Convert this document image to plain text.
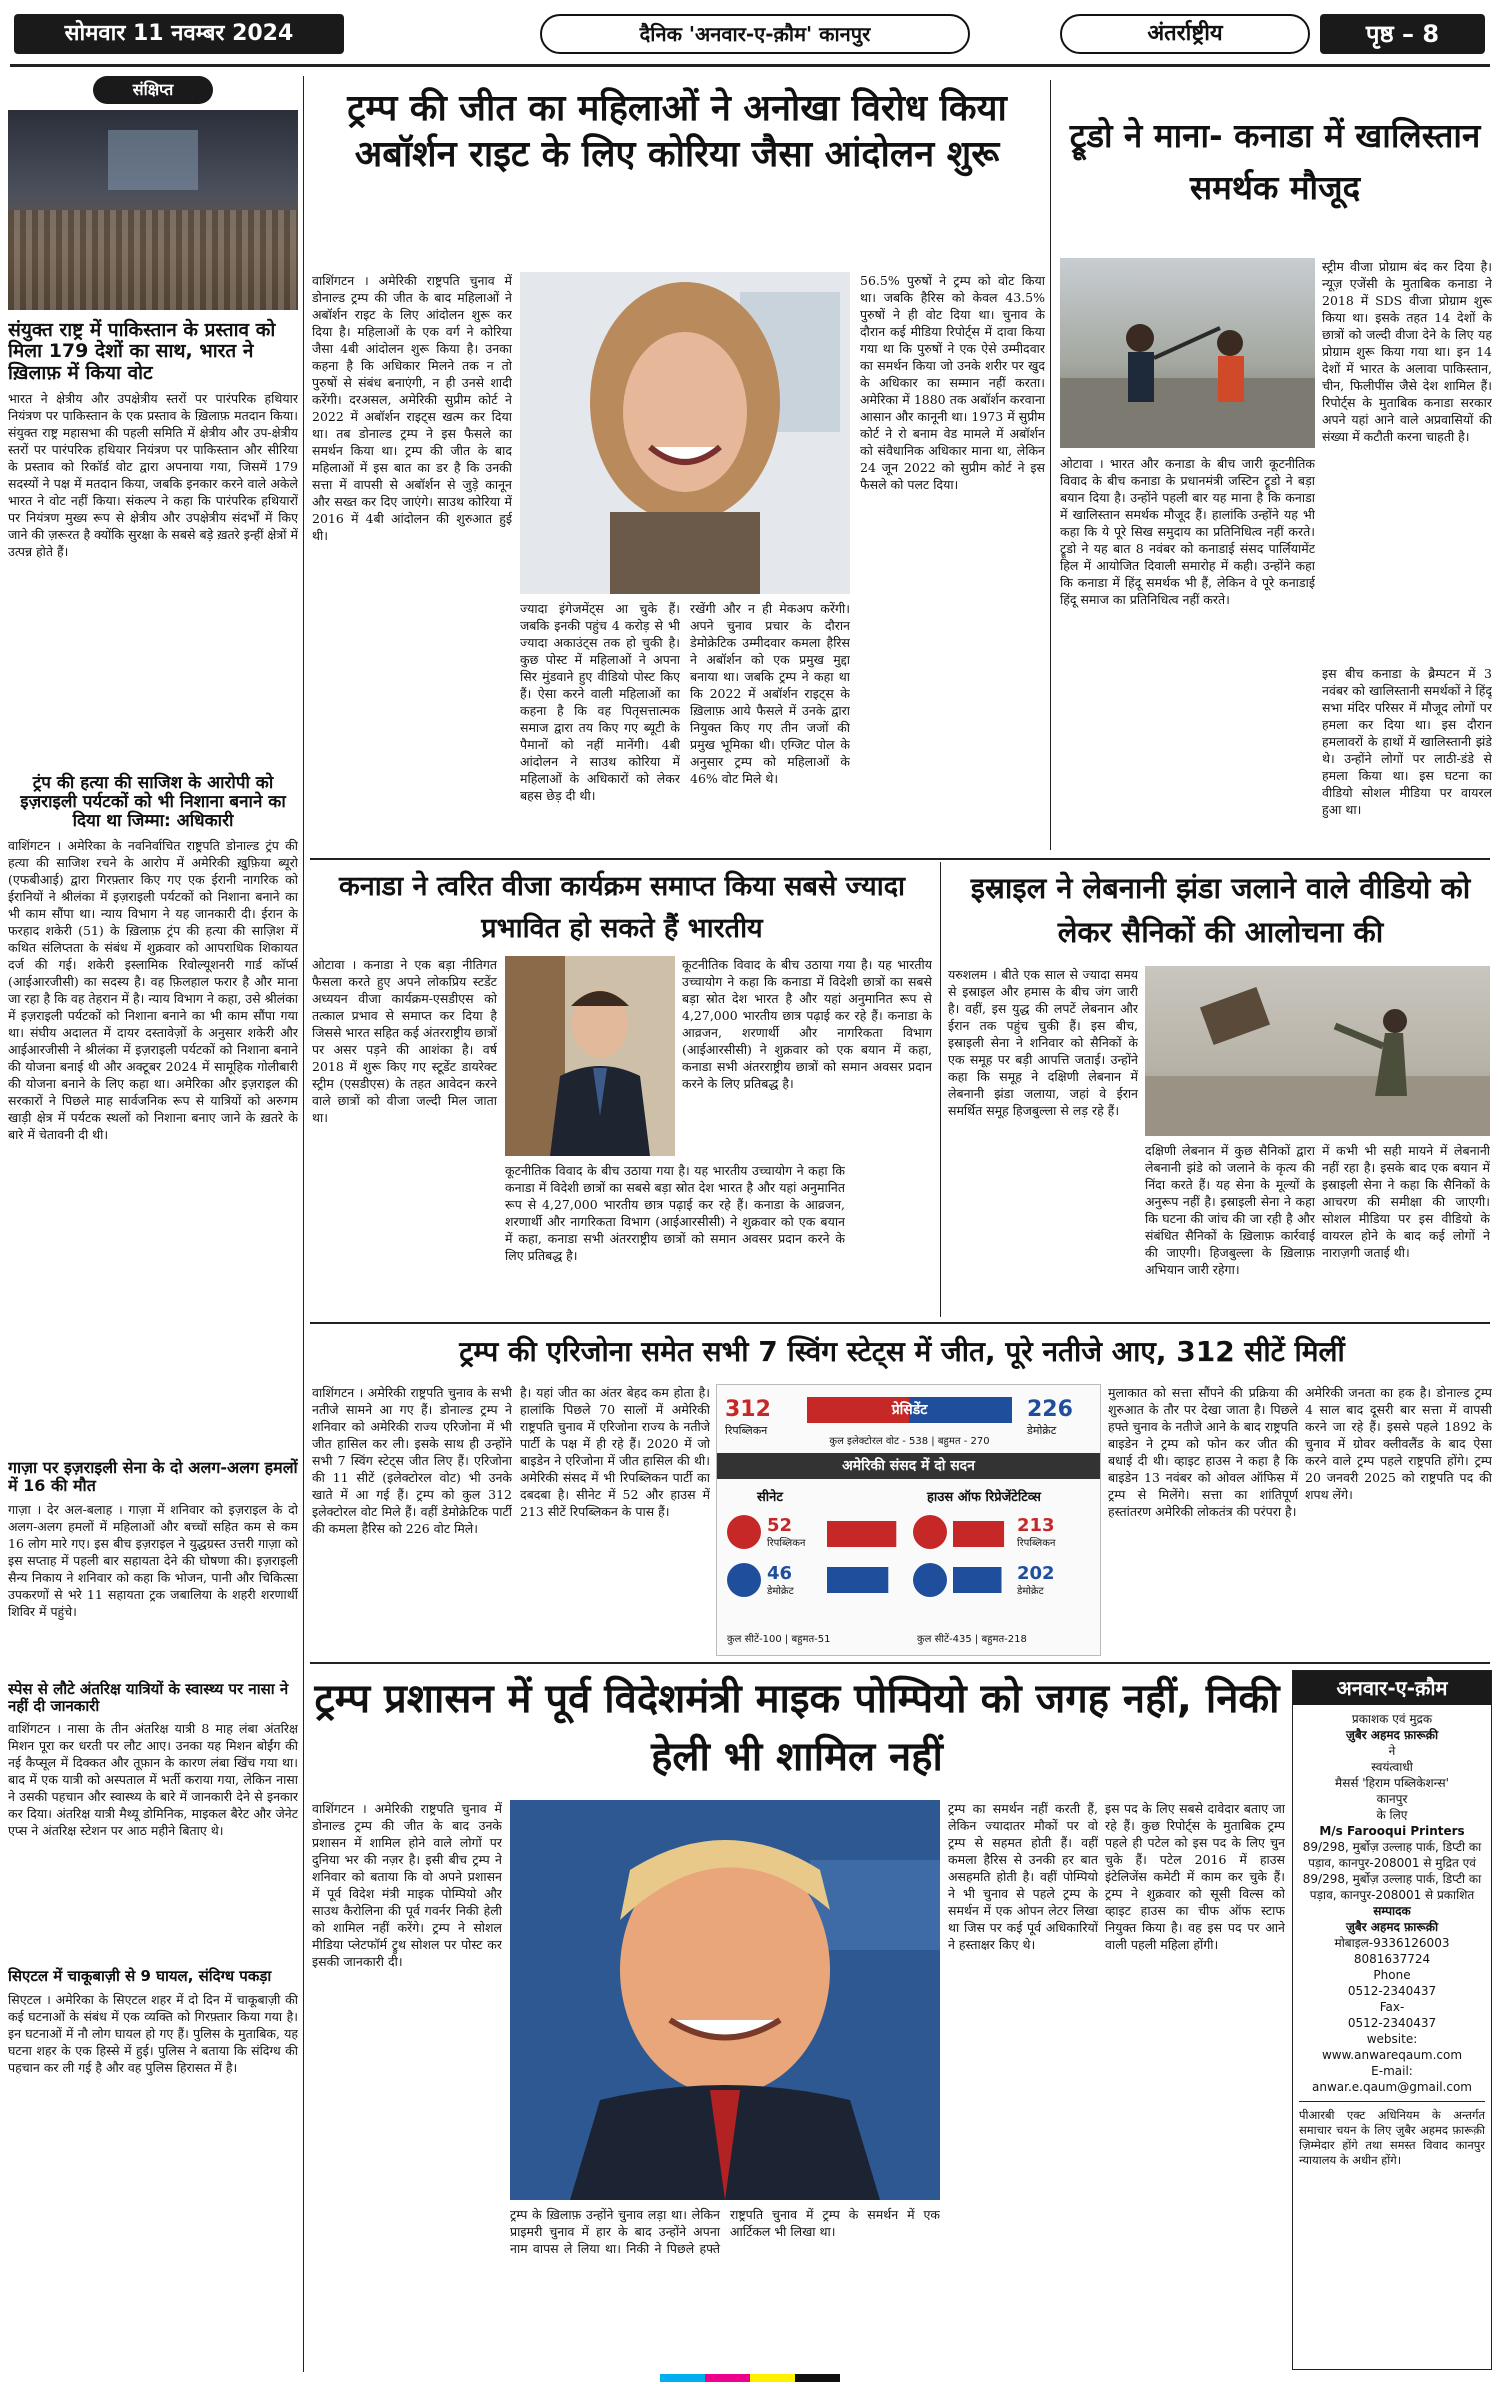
सोमवार 11 नवम्बर 2024	दैनिक 'अनवार-ए-क़ौम' कानपुर	अंतर्राष्ट्रीय	पृष्ठ – 8
संक्षिप्त
संयुक्त राष्ट्र में पाकिस्तान के प्रस्ताव को मिला 179 देशों का साथ, भारत ने ख़िलाफ़ में किया वोट
भारत ने क्षेत्रीय और उपक्षेत्रीय स्तरों पर पारंपरिक हथियार नियंत्रण पर पाकिस्तान के एक प्रस्ताव के ख़िलाफ़ मतदान किया। संयुक्त राष्ट्र महासभा की पहली समिति में क्षेत्रीय और उप-क्षेत्रीय स्तरों पर पारंपरिक हथियार नियंत्रण पर पाकिस्तान और सीरिया के प्रस्ताव को रिकॉर्ड वोट द्वारा अपनाया गया, जिसमें 179 सदस्यों ने पक्ष में मतदान किया, जबकि इनकार करने वाले अकेले भारत ने वोट नहीं किया। संकल्प ने कहा कि पारंपरिक हथियारों पर नियंत्रण मुख्य रूप से क्षेत्रीय और उपक्षेत्रीय संदर्भों में किए जाने की ज़रूरत है क्योंकि सुरक्षा के सबसे बड़े ख़तरे इन्हीं क्षेत्रों में उत्पन्न होते हैं।
ट्रंप की हत्या की साजिश के आरोपी को इज़राइली पर्यटकों को भी निशाना बनाने का दिया था जिम्मा: अधिकारी
वाशिंगटन । अमेरिका के नवनिर्वाचित राष्ट्रपति डोनाल्ड ट्रंप की हत्या की साजिश रचने के आरोप में अमेरिकी ख़ुफ़िया ब्यूरो (एफबीआई) द्वारा गिरफ़्तार किए गए एक ईरानी नागरिक को ईरानियों ने श्रीलंका में इज़राइली पर्यटकों को निशाना बनाने का भी काम सौंपा था। न्याय विभाग ने यह जानकारी दी। ईरान के फरहाद शकेरी (51) के ख़िलाफ़ ट्रंप की हत्या की साज़िश में कथित संलिप्तता के संबंध में शुक्रवार को आपराधिक शिकायत दर्ज की गई। शकेरी इस्लामिक रिवोल्यूशनरी गार्ड कॉर्प्स (आईआरजीसी) का सदस्य है। वह फ़िलहाल फरार है और माना जा रहा है कि वह तेहरान में है। न्याय विभाग ने कहा, उसे श्रीलंका में इज़राइली पर्यटकों को निशाना बनाने का भी काम सौंपा गया था। संघीय अदालत में दायर दस्तावेज़ों के अनुसार शकेरी और आईआरजीसी ने श्रीलंका में इज़राइली पर्यटकों को निशाना बनाने की योजना बनाई थी और अक्टूबर 2024 में सामूहिक गोलीबारी की योजना बनाने के लिए कहा था। अमेरिका और इज़राइल की सरकारों ने पिछले माह सार्वजनिक रूप से यात्रियों को अरुगम खाड़ी क्षेत्र में पर्यटक स्थलों को निशाना बनाए जाने के ख़तरे के बारे में चेतावनी दी थी।
गाज़ा पर इज़राइली सेना के दो अलग-अलग हमलों में 16 की मौत
गाज़ा । देर अल-बलाह । गाज़ा में शनिवार को इज़राइल के दो अलग-अलग हमलों में महिलाओं और बच्चों सहित कम से कम 16 लोग मारे गए। इस बीच इज़राइल ने युद्धग्रस्त उत्तरी गाज़ा को इस सप्ताह में पहली बार सहायता देने की घोषणा की। इज़राइली सैन्य निकाय ने शनिवार को कहा कि भोजन, पानी और चिकित्सा उपकरणों से भरे 11 सहायता ट्रक जबालिया के शहरी शरणार्थी शिविर में पहुंचे।
स्पेस से लौटे अंतरिक्ष यात्रियों के स्वास्थ्य पर नासा ने नहीं दी जानकारी
वाशिंगटन । नासा के तीन अंतरिक्ष यात्री 8 माह लंबा अंतरिक्ष मिशन पूरा कर धरती पर लौट आए। उनका यह मिशन बोईंग की नई कैप्सूल में दिक्कत और तूफ़ान के कारण लंबा खिंच गया था। बाद में एक यात्री को अस्पताल में भर्ती कराया गया, लेकिन नासा ने उसकी पहचान और स्वास्थ्य के बारे में जानकारी देने से इनकार कर दिया। अंतरिक्ष यात्री मैथ्यू डोमिनिक, माइकल बैरेट और जेनेट एप्स ने अंतरिक्ष स्टेशन पर आठ महीने बिताए थे।
सिएटल में चाकूबाज़ी से 9 घायल, संदिग्ध पकड़ा
सिएटल । अमेरिका के सिएटल शहर में दो दिन में चाकूबाज़ी की कई घटनाओं के संबंध में एक व्यक्ति को गिरफ़्तार किया गया है। इन घटनाओं में नौ लोग घायल हो गए हैं। पुलिस के मुताबिक, यह घटना शहर के एक हिस्से में हुई। पुलिस ने बताया कि संदिग्ध की पहचान कर ली गई है और वह पुलिस हिरासत में है।
ट्रम्प की जीत का महिलाओं ने अनोखा विरोध किया अबॉर्शन राइट के लिए कोरिया जैसा आंदोलन शुरू
वाशिंगटन । अमेरिकी राष्ट्रपति चुनाव में डोनाल्ड ट्रम्प की जीत के बाद महिलाओं ने अबॉर्शन राइट के लिए आंदोलन शुरू कर दिया है। महिलाओं के एक वर्ग ने कोरिया जैसा 4बी आंदोलन शुरू किया है। उनका कहना है कि अधिकार मिलने तक न तो पुरुषों से संबंध बनाएंगी, न ही उनसे शादी करेंगी। दरअसल, अमेरिकी सुप्रीम कोर्ट ने 2022 में अबॉर्शन राइट्स खत्म कर दिया था। तब डोनाल्ड ट्रम्प ने इस फैसले का समर्थन किया था। ट्रम्प की जीत के बाद महिलाओं में इस बात का डर है कि उनकी सत्ता में वापसी से अबॉर्शन से जुड़े कानून और सख्त कर दिए जाएंगे। साउथ कोरिया में 2016 में 4बी आंदोलन की शुरुआत हुई थी।
ज्यादा इंगेजमेंट्स आ चुके हैं। जबकि इनकी पहुंच 4 करोड़ से भी ज्यादा अकाउंट्स तक हो चुकी है। कुछ पोस्ट में महिलाओं ने अपना सिर मुंडवाने हुए वीडियो पोस्ट किए हैं। ऐसा करने वाली महिलाओं का कहना है कि वह पितृसत्तात्मक समाज द्वारा तय किए गए ब्यूटी के पैमानों को नहीं मानेंगी। 4बी आंदोलन ने साउथ कोरिया में महिलाओं के अधिकारों को लेकर बहस छेड़ दी थी।
रखेंगी और न ही मेकअप करेंगी। अपने चुनाव प्रचार के दौरान डेमोक्रेटिक उम्मीदवार कमला हैरिस ने अबॉर्शन को एक प्रमुख मुद्दा बनाया था। जबकि ट्रम्प ने कहा था कि 2022 में अबॉर्शन राइट्स के ख़िलाफ़ आये फैसले में उनके द्वारा नियुक्त किए गए तीन जजों की प्रमुख भूमिका थी। एग्जिट पोल के अनुसार ट्रम्प को महिलाओं के 46% वोट मिले थे।
56.5% पुरुषों ने ट्रम्प को वोट किया था। जबकि हैरिस को केवल 43.5% पुरुषों ने ही वोट दिया था। चुनाव के दौरान कई मीडिया रिपोर्ट्स में दावा किया गया था कि पुरुषों ने एक ऐसे उम्मीदवार का समर्थन किया जो उनके शरीर पर खुद के अधिकार का सम्मान नहीं करता। अमेरिका में 1880 तक अबॉर्शन करवाना आसान और कानूनी था। 1973 में सुप्रीम कोर्ट ने रो बनाम वेड मामले में अबॉर्शन को संवैधानिक अधिकार माना था, लेकिन 24 जून 2022 को सुप्रीम कोर्ट ने इस फैसले को पलट दिया।
ट्रूडो ने माना- कनाडा में खालिस्तान समर्थक मौजूद
स्ट्रीम वीजा प्रोग्राम बंद कर दिया है। न्यूज़ एजेंसी के मुताबिक कनाडा ने 2018 में SDS वीजा प्रोग्राम शुरू किया था। इसके तहत 14 देशों के छात्रों को जल्दी वीजा देने के लिए यह प्रोग्राम शुरू किया गया था। इन 14 देशों में भारत के अलावा पाकिस्तान, चीन, फिलीपींस जैसे देश शामिल हैं। रिपोर्ट्स के मुताबिक कनाडा सरकार अपने यहां आने वाले अप्रवासियों की संख्या में कटौती करना चाहती है।
ओटावा । भारत और कनाडा के बीच जारी कूटनीतिक विवाद के बीच कनाडा के प्रधानमंत्री जस्टिन ट्रूडो ने बड़ा बयान दिया है। उन्होंने पहली बार यह माना है कि कनाडा में खालिस्तान समर्थक मौजूद हैं। हालांकि उन्होंने यह भी कहा कि ये पूरे सिख समुदाय का प्रतिनिधित्व नहीं करते। ट्रूडो ने यह बात 8 नवंबर को कनाडाई संसद पार्लियामेंट हिल में आयोजित दिवाली समारोह में कही। उन्होंने कहा कि कनाडा में हिंदू समर्थक भी हैं, लेकिन वे पूरे कनाडाई हिंदू समाज का प्रतिनिधित्व नहीं करते।
इस बीच कनाडा के ब्रैम्पटन में 3 नवंबर को खालिस्तानी समर्थकों ने हिंदू सभा मंदिर परिसर में मौजूद लोगों पर हमला कर दिया था। इस दौरान हमलावरों के हाथों में खालिस्तानी झंडे थे। उन्होंने लोगों पर लाठी-डंडे से हमला किया था। इस घटना का वीडियो सोशल मीडिया पर वायरल हुआ था।
कनाडा ने त्वरित वीजा कार्यक्रम समाप्त किया सबसे ज्यादा प्रभावित हो सकते हैं भारतीय
ओटावा । कनाडा ने एक बड़ा नीतिगत फैसला करते हुए अपने लोकप्रिय स्टडेंट अध्ययन वीजा कार्यक्रम-एसडीएस को तत्काल प्रभाव से समाप्त कर दिया है जिससे भारत सहित कई अंतरराष्ट्रीय छात्रों पर असर पड़ने की आशंका है। वर्ष 2018 में शुरू किए गए स्टूडेंट डायरेक्ट स्ट्रीम (एसडीएस) के तहत आवेदन करने वाले छात्रों को वीजा जल्दी मिल जाता था।
कूटनीतिक विवाद के बीच उठाया गया है। यह भारतीय उच्चायोग ने कहा कि कनाडा में विदेशी छात्रों का सबसे बड़ा स्रोत देश भारत है और यहां अनुमानित रूप से 4,27,000 भारतीय छात्र पढ़ाई कर रहे हैं। कनाडा के आव्रजन, शरणार्थी और नागरिकता विभाग (आईआरसीसी) ने शुक्रवार को एक बयान में कहा, कनाडा सभी अंतरराष्ट्रीय छात्रों को समान अवसर प्रदान करने के लिए प्रतिबद्ध है।
कूटनीतिक विवाद के बीच उठाया गया है। यह भारतीय उच्चायोग ने कहा कि कनाडा में विदेशी छात्रों का सबसे बड़ा स्रोत देश भारत है और यहां अनुमानित रूप से 4,27,000 भारतीय छात्र पढ़ाई कर रहे हैं। कनाडा के आव्रजन, शरणार्थी और नागरिकता विभाग (आईआरसीसी) ने शुक्रवार को एक बयान में कहा, कनाडा सभी अंतरराष्ट्रीय छात्रों को समान अवसर प्रदान करने के लिए प्रतिबद्ध है।
इस्राइल ने लेबनानी झंडा जलाने वाले वीडियो को लेकर सैनिकों की आलोचना की
यरुशलम । बीते एक साल से ज्यादा समय से इस्राइल और हमास के बीच जंग जारी है। वहीं, इस युद्ध की लपटें लेबनान और ईरान तक पहुंच चुकी हैं। इस बीच, इस्राइली सेना ने शनिवार को सैनिकों के एक समूह पर बड़ी आपत्ति जताई। उन्होंने कहा कि समूह ने दक्षिणी लेबनान में लेबनानी झंडा जलाया, जहां वे ईरान समर्थित समूह हिजबुल्ला से लड़ रहे हैं।
दक्षिणी लेबनान में कुछ सैनिकों द्वारा लेबनानी झंडे को जलाने के कृत्य की निंदा करते हैं। यह सेना के मूल्यों के अनुरूप नहीं है। इस्राइली सेना ने कहा कि घटना की जांच की जा रही है और संबंधित सैनिकों के ख़िलाफ़ कार्रवाई की जाएगी। हिजबुल्ला के ख़िलाफ़ अभियान जारी रहेगा।
में कभी भी सही मायने में लेबनानी नहीं रहा है। इसके बाद एक बयान में इस्राइली सेना ने कहा कि सैनिकों के आचरण की समीक्षा की जाएगी। सोशल मीडिया पर इस वीडियो के वायरल होने के बाद कई लोगों ने नाराज़गी जताई थी।
ट्रम्प की एरिजोना समेत सभी 7 स्विंग स्टेट्स में जीत, पूरे नतीजे आए, 312 सीटें मिलीं
वाशिंगटन । अमेरिकी राष्ट्रपति चुनाव के सभी नतीजे सामने आ गए हैं। डोनाल्ड ट्रम्प ने शनिवार को अमेरिकी राज्य एरिजोना में भी जीत हासिल कर ली। इसके साथ ही उन्होंने सभी 7 स्विंग स्टेट्स जीत लिए हैं। एरिजोना की 11 सीटें (इलेक्टोरल वोट) भी उनके खाते में आ गई हैं। ट्रम्प को कुल 312 इलेक्टोरल वोट मिले हैं। वहीं डेमोक्रेटिक पार्टी की कमला हैरिस को 226 वोट मिले।
है। यहां जीत का अंतर बेहद कम होता है। हालांकि पिछले 70 सालों में अमेरिकी राष्ट्रपति चुनाव में एरिजोना राज्य के नतीजे पार्टी के पक्ष में ही रहे हैं। 2020 में जो बाइडेन ने एरिजोना में जीत हासिल की थी। अमेरिकी संसद में भी रिपब्लिकन पार्टी का दबदबा है। सीनेट में 52 और हाउस में 213 सीटें रिपब्लिकन के पास हैं।
312
रिपब्लिकन
प्रेसिडेंट	226
डेमोक्रेट
कुल इलेक्टोरल वोट - 538 | बहुमत - 270
अमेरिकी संसद में दो सदन
सीनेट	हाउस ऑफ रिप्रेजेंटेटिव्स
52
रिपब्लिकन
46
डेमोक्रेट
213
रिपब्लिकन
202
डेमोक्रेट
कुल सीटें-100 | बहुमत-51	कुल सीटें-435 | बहुमत-218
मुलाकात को सत्ता सौंपने की प्रक्रिया की शुरुआत के तौर पर देखा जाता है। पिछले हफ्ते चुनाव के नतीजे आने के बाद राष्ट्रपति बाइडेन ने ट्रम्प को फोन कर जीत की बधाई दी थी। व्हाइट हाउस ने कहा है कि बाइडेन 13 नवंबर को ओवल ऑफिस में ट्रम्प से मिलेंगे। सत्ता का शांतिपूर्ण हस्तांतरण अमेरिकी लोकतंत्र की परंपरा है।
अमेरिकी जनता का हक है। डोनाल्ड ट्रम्प 4 साल बाद दूसरी बार सत्ता में वापसी करने जा रहे हैं। इससे पहले 1892 के चुनाव में ग्रोवर क्लीवलैंड के बाद ऐसा करने वाले ट्रम्प पहले राष्ट्रपति होंगे। ट्रम्प 20 जनवरी 2025 को राष्ट्रपति पद की शपथ लेंगे।
ट्रम्प प्रशासन में पूर्व विदेशमंत्री माइक पोम्पियो को जगह नहीं, निकी हेली भी शामिल नहीं
वाशिंगटन । अमेरिकी राष्ट्रपति चुनाव में डोनाल्ड ट्रम्प की जीत के बाद उनके प्रशासन में शामिल होने वाले लोगों पर दुनिया भर की नज़र है। इसी बीच ट्रम्प ने शनिवार को बताया कि वो अपने प्रशासन में पूर्व विदेश मंत्री माइक पोम्पियो और साउथ कैरोलिना की पूर्व गवर्नर निकी हेली को शामिल नहीं करेंगे। ट्रम्प ने सोशल मीडिया प्लेटफॉर्म ट्रुथ सोशल पर पोस्ट कर इसकी जानकारी दी।
ट्रम्प के ख़िलाफ़ उन्होंने चुनाव लड़ा था। लेकिन प्राइमरी चुनाव में हार के बाद उन्होंने अपना नाम वापस ले लिया था। निकी ने पिछले हफ्ते राष्ट्रपति चुनाव में ट्रम्प के समर्थन में एक आर्टिकल भी लिखा था।
ट्रम्प का समर्थन नहीं करती हैं, लेकिन ज्यादातर मौकों पर वो ट्रम्प से सहमत होती हैं। वहीं कमला हैरिस से उनकी हर बात असहमति होती है। वहीं पोम्पियो ने भी चुनाव से पहले ट्रम्प के समर्थन में एक ओपन लेटर लिखा था जिस पर कई पूर्व अधिकारियों ने हस्ताक्षर किए थे।
इस पद के लिए सबसे दावेदार बताए जा रहे हैं। कुछ रिपोर्ट्स के मुताबिक ट्रम्प पहले ही पटेल को इस पद के लिए चुन चुके हैं। पटेल 2016 में हाउस इंटेलिजेंस कमेटी में काम कर चुके हैं। ट्रम्प ने शुक्रवार को सूसी विल्स को व्हाइट हाउस का चीफ ऑफ स्टाफ नियुक्त किया है। वह इस पद पर आने वाली पहली महिला होंगी।
अनवार-ए-क़ौम
प्रकाशक एवं मुद्रक
ज़ुबैर अहमद फ़ारूक़ी
ने
स्वयंत्वाधी
मैसर्स 'हिराम पब्लिकेशन्स'
कानपुर
के लिए
M/s Farooqui Printers
89/298, मुर्बोज़ उल्लाह पार्क, डिप्टी का पड़ाव, कानपुर-208001 से मुद्रित एवं 89/298, मुर्बोज़ उल्लाह पार्क, डिप्टी का पड़ाव, कानपुर-208001 से प्रकाशित
सम्पादक
ज़ुबैर अहमद फ़ारूक़ी
मोबाइल-9336126003
8081637724
Phone
0512-2340437
Fax-
0512-2340437
website:
www.anwareqaum.com
E-mail:
anwar.e.qaum@gmail.com
पीआरबी एक्ट अधिनियम के अन्तर्गत समाचार चयन के लिए ज़ुबैर अहमद फ़ारूक़ी ज़िम्मेदार होंगे तथा समस्त विवाद कानपुर न्यायालय के अधीन होंगे।
